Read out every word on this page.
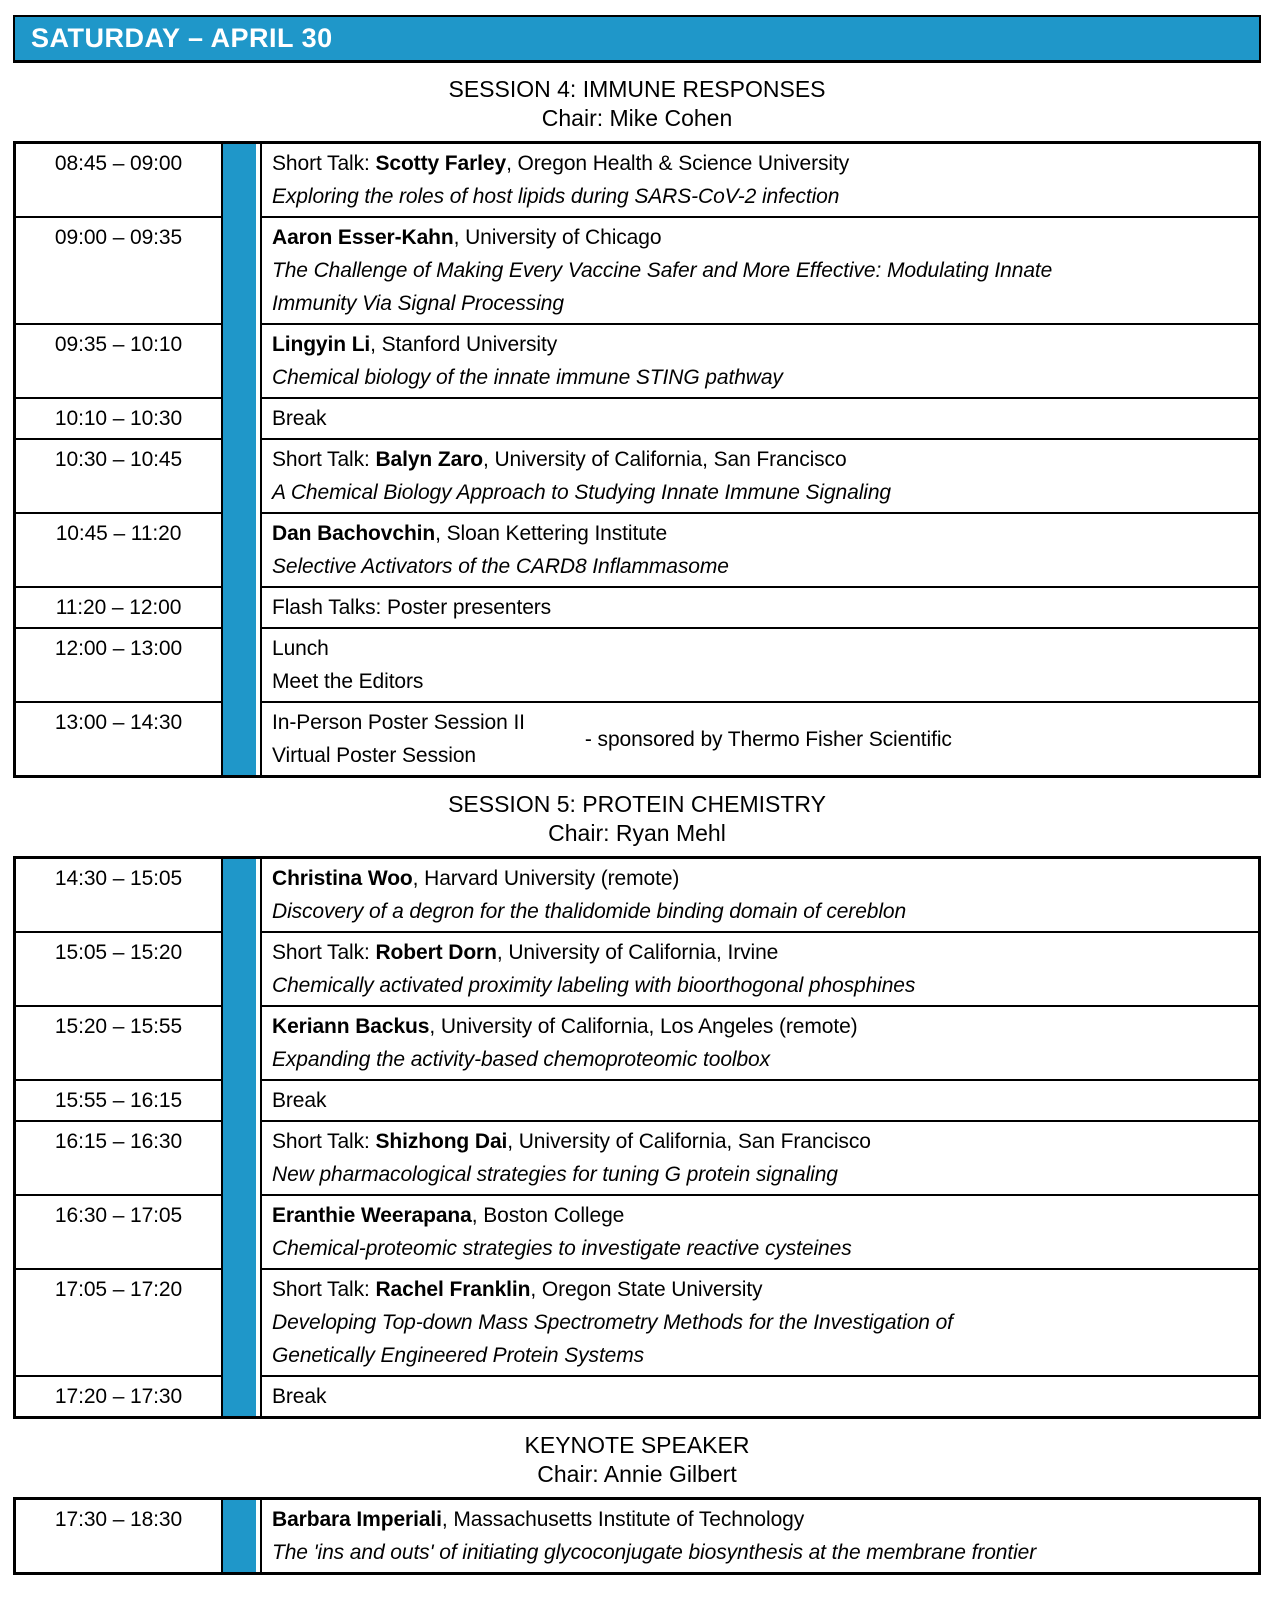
SATURDAY – APRIL 30
SESSION 4: IMMUNE RESPONSES
Chair: Mike Cohen
08:45 – 09:00	Short Talk: Scotty Farley, Oregon Health & Science University
Exploring the roles of host lipids during SARS-CoV-2 infection
09:00 – 09:35	Aaron Esser-Kahn, University of Chicago
The Challenge of Making Every Vaccine Safer and More Effective: Modulating Innate
Immunity Via Signal Processing
09:35 – 10:10	Lingyin Li, Stanford University
Chemical biology of the innate immune STING pathway
10:10 – 10:30	Break
10:30 – 10:45	Short Talk: Balyn Zaro, University of California, San Francisco
A Chemical Biology Approach to Studying Innate Immune Signaling
10:45 – 11:20	Dan Bachovchin, Sloan Kettering Institute
Selective Activators of the CARD8 Inflammasome
11:20 – 12:00	Flash Talks: Poster presenters
12:00 – 13:00	Lunch
Meet the Editors
13:00 – 14:30	In-Person Poster Session II
Virtual Poster Session
- sponsored by Thermo Fisher Scientific
SESSION 5: PROTEIN CHEMISTRY
Chair: Ryan Mehl
14:30 – 15:05	Christina Woo, Harvard University (remote)
Discovery of a degron for the thalidomide binding domain of cereblon
15:05 – 15:20	Short Talk: Robert Dorn, University of California, Irvine
Chemically activated proximity labeling with bioorthogonal phosphines
15:20 – 15:55	Keriann Backus, University of California, Los Angeles (remote)
Expanding the activity-based chemoproteomic toolbox
15:55 – 16:15	Break
16:15 – 16:30	Short Talk: Shizhong Dai, University of California, San Francisco
New pharmacological strategies for tuning G protein signaling
16:30 – 17:05	Eranthie Weerapana, Boston College
Chemical-proteomic strategies to investigate reactive cysteines
17:05 – 17:20	Short Talk: Rachel Franklin, Oregon State University
Developing Top-down Mass Spectrometry Methods for the Investigation of
Genetically Engineered Protein Systems
17:20 – 17:30	Break
KEYNOTE SPEAKER
Chair: Annie Gilbert
17:30 – 18:30	Barbara Imperiali, Massachusetts Institute of Technology
The 'ins and outs' of initiating glycoconjugate biosynthesis at the membrane frontier
